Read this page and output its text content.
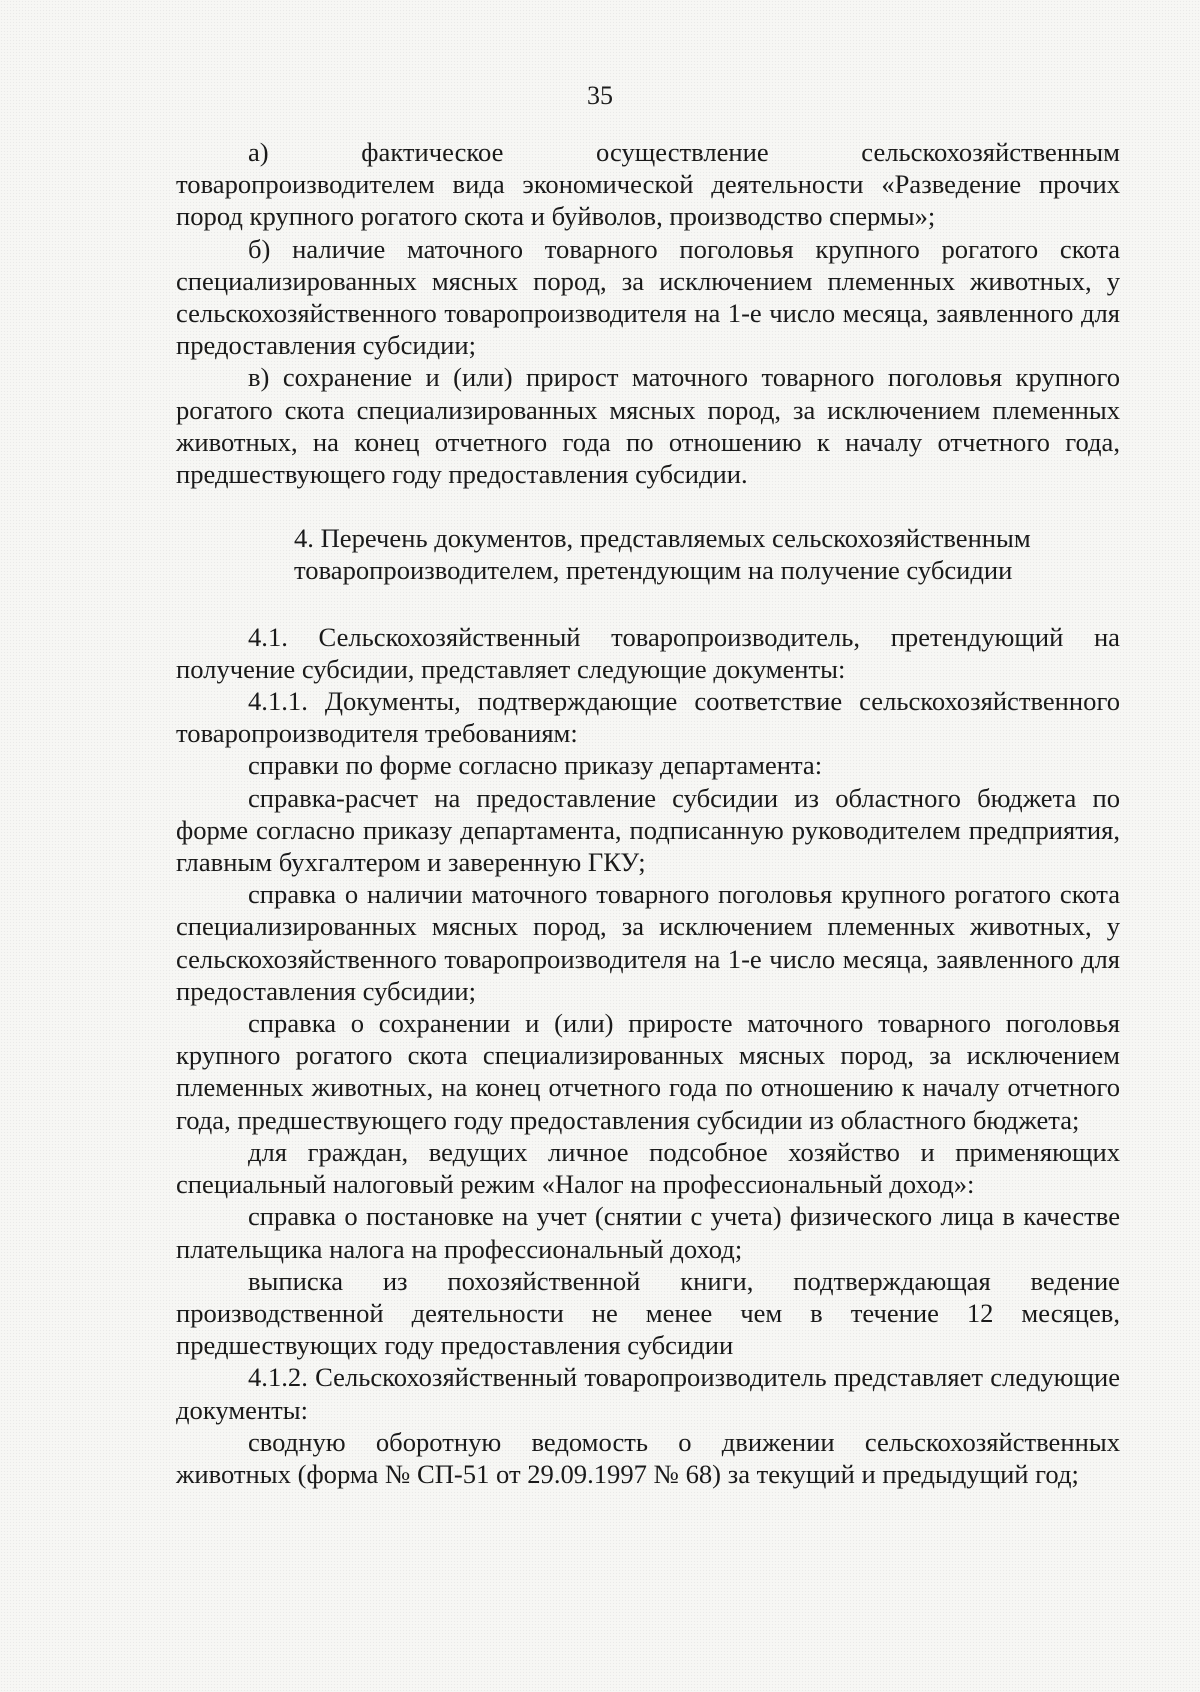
35

а) фактическое осуществление сельскохозяйственным товаропроизводителем вида экономической деятельности «Разведение прочих пород крупного рогатого скота и буйволов, производство спермы»;

б) наличие маточного товарного поголовья крупного рогатого скота специализированных мясных пород, за исключением племенных животных, у сельскохозяйственного товаропроизводителя на 1-е число месяца, заявленного для предоставления субсидии;

в) сохранение и (или) прирост маточного товарного поголовья крупного рогатого скота специализированных мясных пород, за исключением племенных животных, на конец отчетного года по отношению к началу отчетного года, предшествующего году предоставления субсидии.

4. Перечень документов, представляемых сельскохозяйственным
товаропроизводителем, претендующим на получение субсидии

4.1. Сельскохозяйственный товаропроизводитель, претендующий на получение субсидии, представляет следующие документы:

4.1.1. Документы, подтверждающие соответствие сельскохозяйственного товаропроизводителя требованиям:

справки по форме согласно приказу департамента:

справка-расчет на предоставление субсидии из областного бюджета по форме согласно приказу департамента, подписанную руководителем предприятия, главным бухгалтером и заверенную ГКУ;

справка о наличии маточного товарного поголовья крупного рогатого скота специализированных мясных пород, за исключением племенных животных, у сельскохозяйственного товаропроизводителя на 1-е число месяца, заявленного для предоставления субсидии;

справка о сохранении и (или) приросте маточного товарного поголовья крупного рогатого скота специализированных мясных пород, за исключением племенных животных, на конец отчетного года по отношению к началу отчетного года, предшествующего году предоставления субсидии из областного бюджета;

для граждан, ведущих личное подсобное хозяйство и применяющих специальный налоговый режим «Налог на профессиональный доход»:

справка о постановке на учет (снятии с учета) физического лица в качестве плательщика налога на профессиональный доход;

выписка из похозяйственной книги, подтверждающая ведение производственной деятельности не менее чем в течение 12 месяцев, предшествующих году предоставления субсидии

4.1.2. Сельскохозяйственный товаропроизводитель представляет следующие документы:

сводную оборотную ведомость о движении сельскохозяйственных животных (форма № СП-51 от 29.09.1997 № 68) за текущий и предыдущий год;
